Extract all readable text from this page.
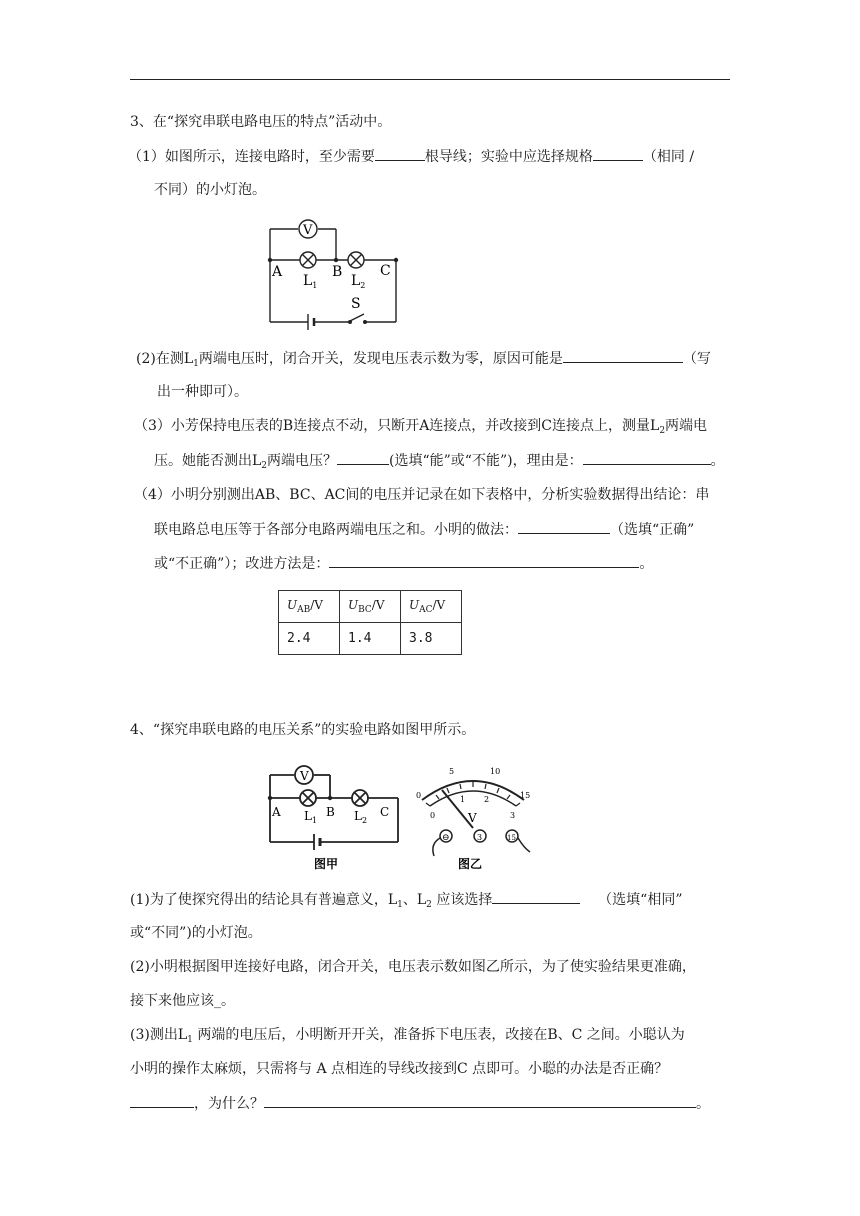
3、在“探究串联电路电压的特点”活动中。
（1）如图所示，连接电路时，至少需要	根导线；实验中应选择规格	（相同 /
不同）的小灯泡。
V
A	B	C
$L_1$ $L_2$
S
(2)在测$L_1$两端电压时，闭合开关，发现电压表示数为零，原因可能是	（写
出一种即可）。
（3）小芳保持电压表的B连接点不动，只断开A连接点，并改接到C连接点上，测量$L_2$两端电
压。她能否测出$L_2$两端电压？	(选填“能”或“不能”)，理由是：	。
（4）小明分别测出AB、BC、AC间的电压并记录在如下表格中，分析实验数据得出结论：串
联电路总电压等于各部分电路两端电压之和。小明的做法：	（选填“正确”
或“不正确”）；改进方法是：	。
$U_{AB}/V$	$U_{BC}/V$	$U_{AC}/V$
2.4	1.4	3.8
4、“探究串联电路的电压关系”的实验电路如图甲所示。
V
A	B	C
$L_1$	$L_2$
图甲
0
5	10
15
0
1 2
3
V
⊖	3	15
图乙
(1)为了使探究得出的结论具有普遍意义，$L_1$、$L_2$ 应该选择	（选填“相同”
或“不同”)的小灯泡。
(2)小明根据图甲连接好电路，闭合开关，电压表示数如图乙所示，为了使实验结果更准确，
接下来他应该_。
(3)测出$L_1$ 两端的电压后，小明断开开关，准备拆下电压表，改接在B、C 之间。小聪认为
小明的操作太麻烦，只需将与 A 点相连的导线改接到C 点即可。小聪的办法是否正确？
，为什么？	。
